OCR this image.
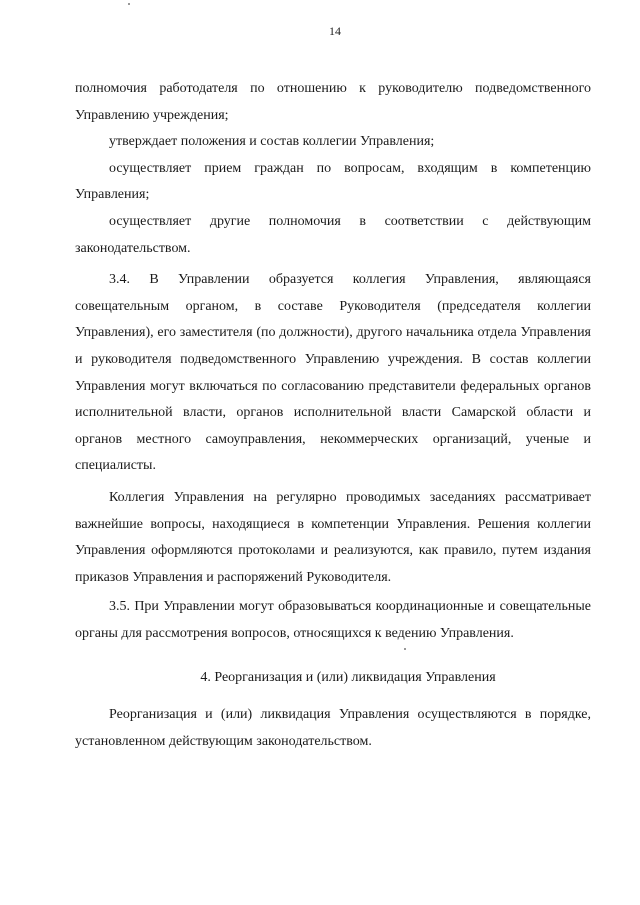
14

полномочия работодателя по отношению к руководителю подведомственного Управлению учреждения;

утверждает положения и состав коллегии Управления;

осуществляет прием граждан по вопросам, входящим в компетенцию Управления;

осуществляет другие полномочия в соответствии с действующим законодательством.

3.4. В Управлении образуется коллегия Управления, являющаяся совещательным органом, в составе Руководителя (председателя коллегии Управления), его заместителя (по должности), другого начальника отдела Управления и руководителя подведомственного Управлению учреждения. В состав коллегии Управления могут включаться по согласованию представители федеральных органов исполнительной власти, органов исполнительной власти Самарской области и органов местного самоуправления, некоммерческих организаций, ученые и специалисты.

Коллегия Управления на регулярно проводимых заседаниях рассматривает важнейшие вопросы, находящиеся в компетенции Управления. Решения коллегии Управления оформляются протоколами и реализуются, как правило, путем издания приказов Управления и распоряжений Руководителя.

3.5. При Управлении могут образовываться координационные и совещательные органы для рассмотрения вопросов, относящихся к ведению Управления.

4. Реорганизация и (или) ликвидация Управления

Реорганизация и (или) ликвидация Управления осуществляются в порядке, установленном действующим законодательством.
